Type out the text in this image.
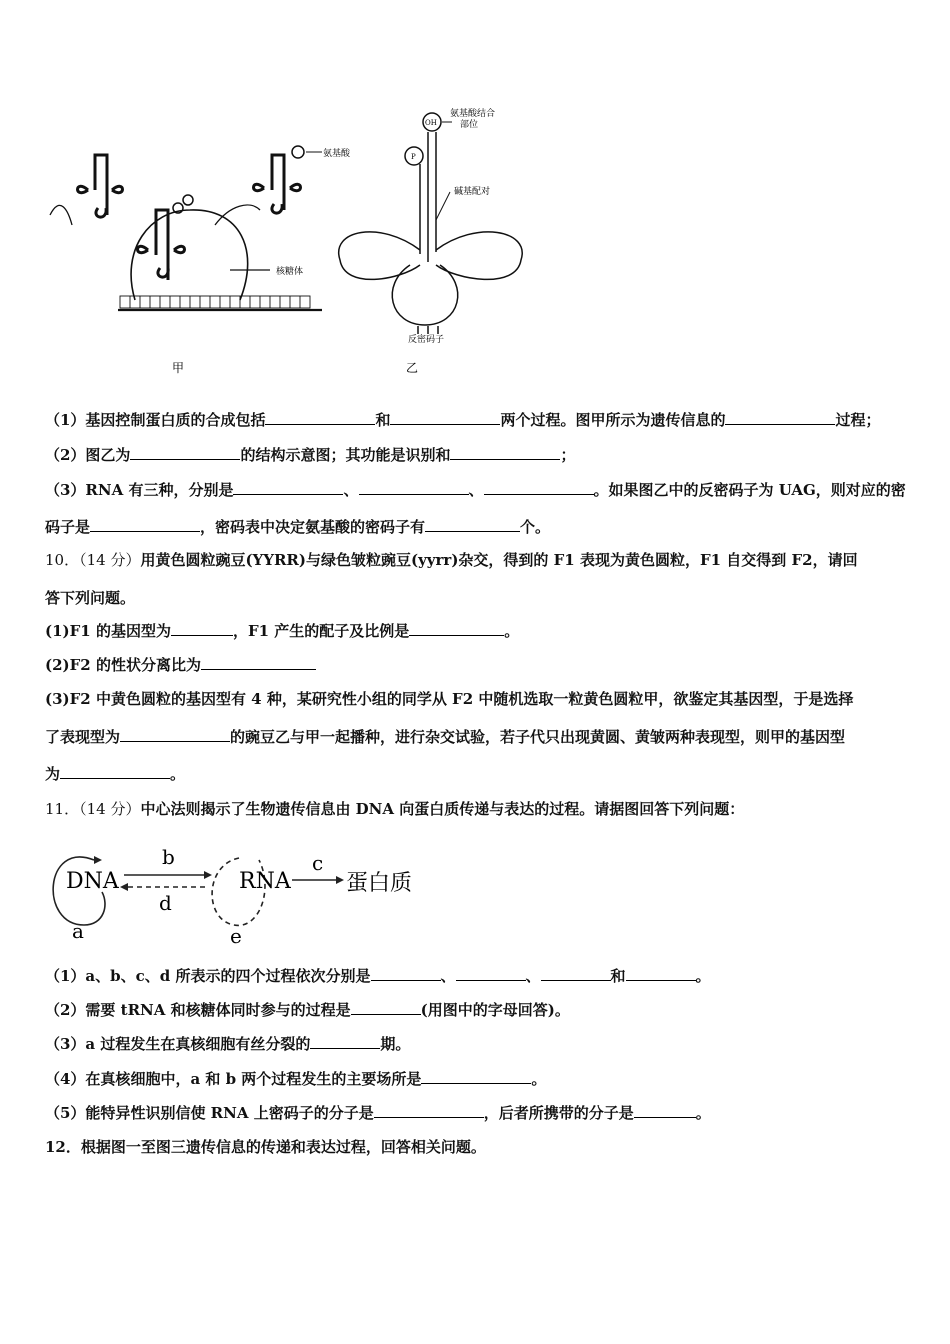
氨基酸
核糖体
氨基酸结合
部位
碱基配对
反密码子
OH
P
甲	乙
（1）基因控制蛋白质的合成包括	和	两个过程。图甲所示为遗传信息的	过程；
（2）图乙为	的结构示意图；其功能是识别和	；
（3）RNA 有三种，分别是	、	、	。如果图乙中的反密码子为 UAG，则对应的密
码子是	，密码表中决定氨基酸的密码子有	个。
10．（14 分）用黄色圆粒豌豆(YYRR)与绿色皱粒豌豆(yyrr)杂交，得到的 F1 表现为黄色圆粒，F1 自交得到 F2，请回
答下列问题。
(1)F1 的基因型为	，F1 产生的配子及比例是	。
(2)F2 的性状分离比为
(3)F2 中黄色圆粒的基因型有 4 种，某研究性小组的同学从 F2 中随机选取一粒黄色圆粒甲，欲鉴定其基因型，于是选择
了表现型为	的豌豆乙与甲一起播种，进行杂交试验，若子代只出现黄圆、黄皱两种表现型，则甲的基因型
为	。
11．（14 分）中心法则揭示了生物遗传信息由 DNA 向蛋白质传递与表达的过程。请据图回答下列问题：
DNA	RNA	蛋白质
b
d
c
a	e
（1）a、b、c、d 所表示的四个过程依次分别是	、	、	和	。
（2）需要 tRNA 和核糖体同时参与的过程是	(用图中的字母回答)。
（3）a 过程发生在真核细胞有丝分裂的	期。
（4）在真核细胞中，a 和 b 两个过程发生的主要场所是	。
（5）能特异性识别信使 RNA 上密码子的分子是	，后者所携带的分子是	。
12．根据图一至图三遗传信息的传递和表达过程，回答相关问题。
